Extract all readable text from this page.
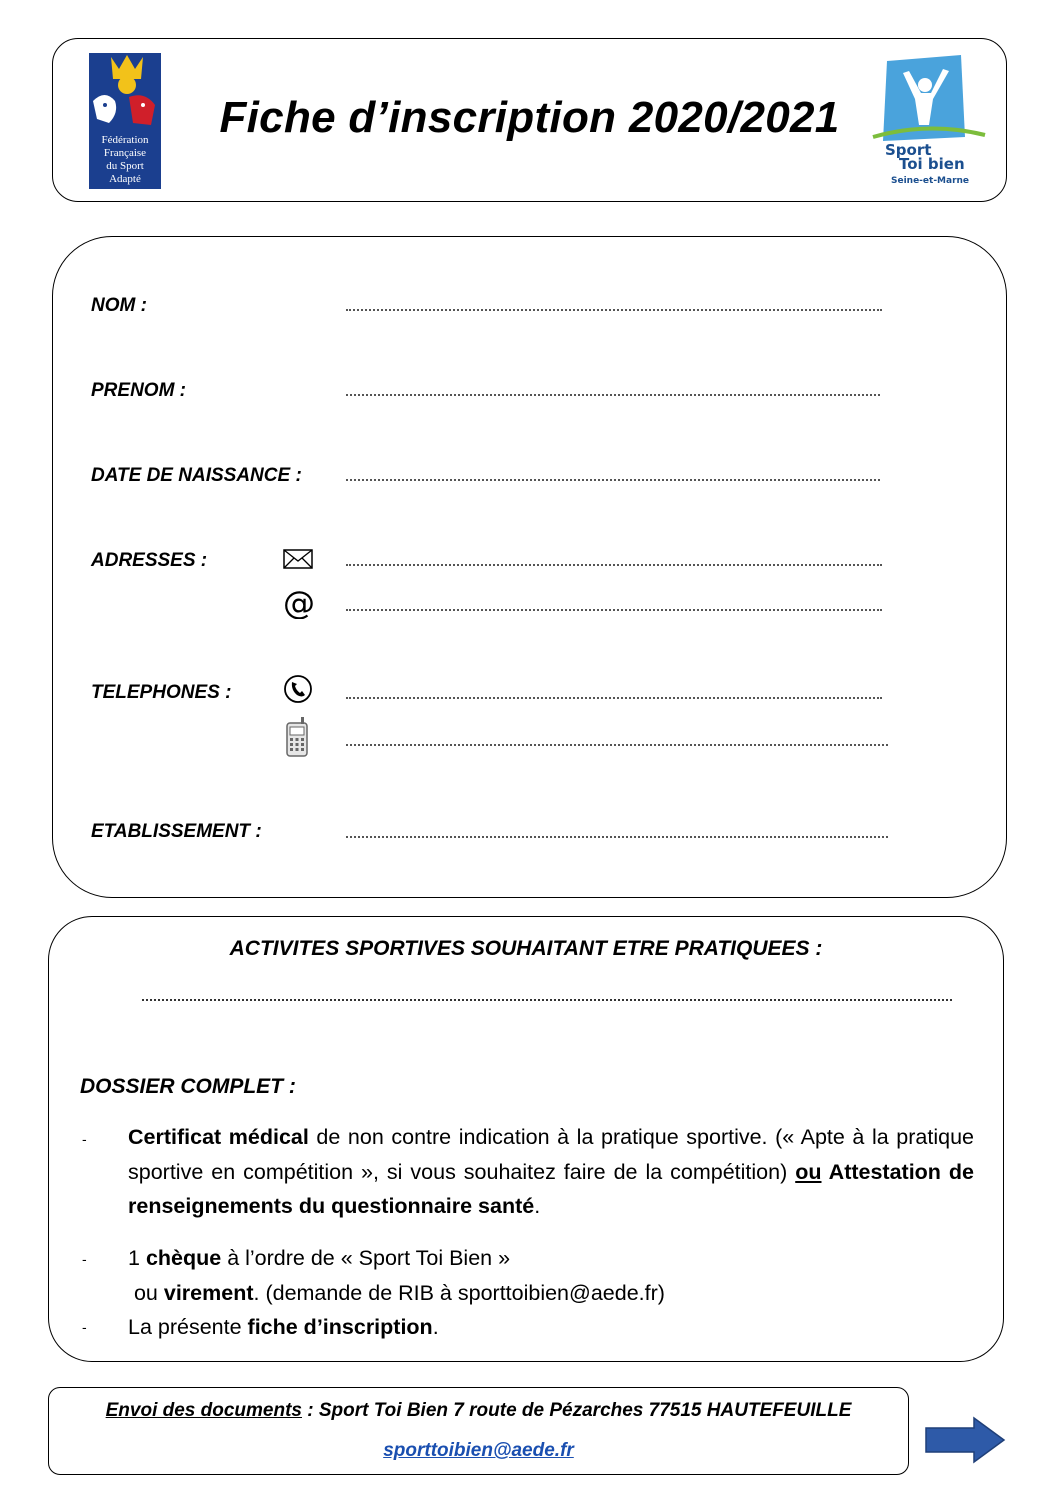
Fédération
Française
du Sport
Adapté
Fiche d’inscription 2020/2021
Sport
Toi bien
Seine-et-Marne
NOM :
PRENOM :
DATE DE NAISSANCE :
ADRESSES :
@
TELEPHONES :
ETABLISSEMENT :
ACTIVITES SPORTIVES SOUHAITANT ETRE PRATIQUEES :
DOSSIER COMPLET :
- Certificat médical de non contre indication à la pratique sportive. (« Apte à la pratique sportive en compétition », si vous souhaitez faire de la compétition) ou Attestation de renseignements du questionnaire santé.
- 1 chèque à l’ordre de « Sport Toi Bien »
ou virement. (demande de RIB à sporttoibien@aede.fr)
- La présente fiche d’inscription.
Envoi des documents : Sport Toi Bien 7 route de Pézarches 77515 HAUTEFEUILLE
sporttoibien@aede.fr
